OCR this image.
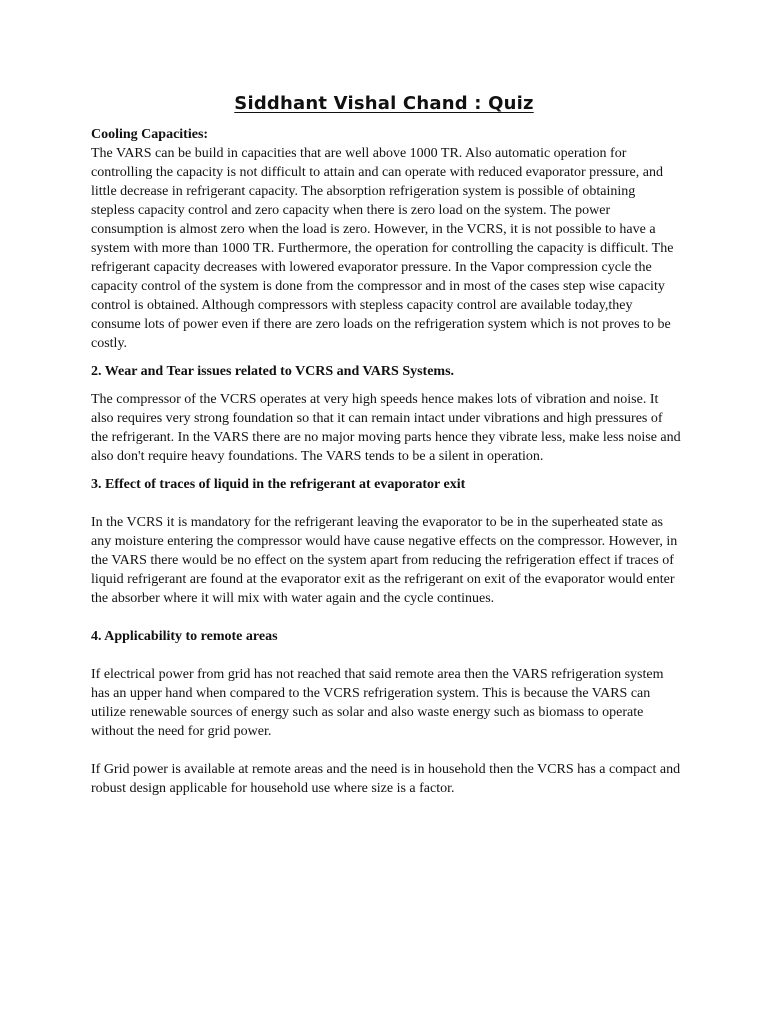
Siddhant Vishal Chand : Quiz

Cooling Capacities:

The VARS can be build in capacities that are well above 1000 TR. Also automatic operation for controlling the capacity is not difficult to attain and can operate with reduced evaporator pressure, and little decrease in refrigerant capacity. The absorption refrigeration system is possible of obtaining stepless capacity control and zero capacity when there is zero load on the system. The power consumption is almost zero when the load is zero. However, in the VCRS, it is not possible to have a system with more than 1000 TR. Furthermore, the operation for controlling the capacity is difficult. The refrigerant capacity decreases with lowered evaporator pressure. In the Vapor compression cycle the capacity control of the system is done from the compressor and in most of the cases step wise capacity control is obtained. Although compressors with stepless capacity control are available today,they consume lots of power even if there are zero loads on the refrigeration system which is not proves to be costly.

2. Wear and Tear issues related to VCRS and VARS Systems.

The compressor of the VCRS operates at very high speeds hence makes lots of vibration and noise. It also requires very strong foundation so that it can remain intact under vibrations and high pressures of the refrigerant. In the VARS there are no major moving parts hence they vibrate less, make less noise and also don't require heavy foundations. The VARS tends to be a silent in operation.

3. Effect of traces of liquid in the refrigerant at evaporator exit

In the VCRS it is mandatory for the refrigerant leaving the evaporator to be in the superheated state as any moisture entering the compressor would have cause negative effects on the compressor. However, in the VARS there would be no effect on the system apart from reducing the refrigeration effect if traces of liquid refrigerant are found at the evaporator exit as the refrigerant on exit of the evaporator would enter the absorber where it will mix with water again and the cycle continues.

4. Applicability to remote areas

If electrical power from grid has not reached that said remote area then the VARS refrigeration system has an upper hand when compared to the VCRS refrigeration system. This is because the VARS can utilize renewable sources of energy such as solar and also waste energy such as biomass to operate without the need for grid power.

If Grid power is available at remote areas and the need is in household then the VCRS has a compact and robust design applicable for household use where size is a factor.
